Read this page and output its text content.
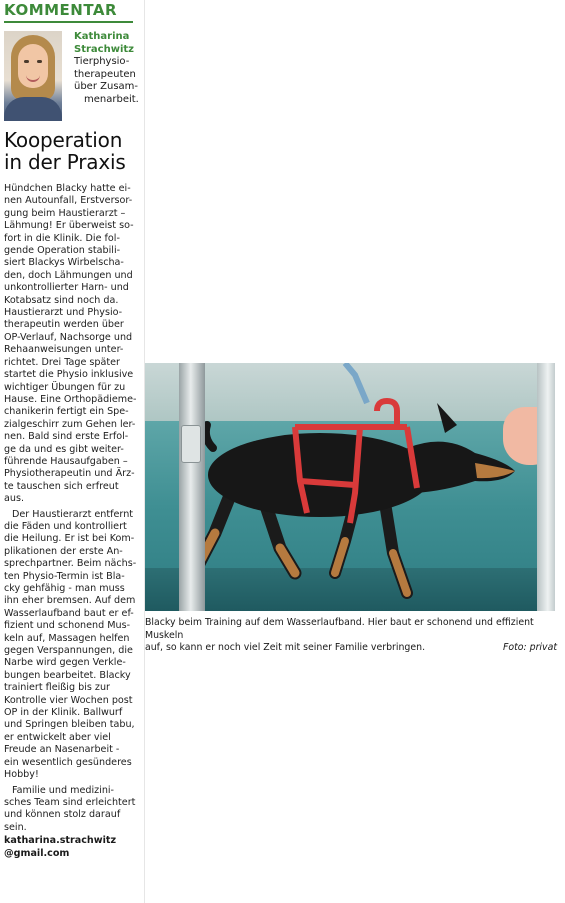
KOMMENTAR
Katharina
Strachwitz
Tierphysio-
therapeuten
über Zusam-
menarbeit.
Kooperation
in der Praxis
Hündchen Blacky hatte ei-
nen Autounfall, Erstversor-
gung beim Haustierarzt –
Lähmung! Er überweist so-
fort in die Klinik. Die fol-
gende Operation stabili-
siert Blackys Wirbelscha-
den, doch Lähmungen und
unkontrollierter Harn- und
Kotabsatz sind noch da.
Haustierarzt und Physio-
therapeutin werden über
OP-Verlauf, Nachsorge und
Rehaanweisungen unter-
richtet. Drei Tage später
startet die Physio inklusive
wichtiger Übungen für zu
Hause. Eine Orthopädieme-
chanikerin fertigt ein Spe-
zialgeschirr zum Gehen ler-
nen. Bald sind erste Erfol-
ge da und es gibt weiter-
führende Hausaufgaben –
Physiotherapeutin und Ärz-
te tauschen sich erfreut
aus.
Der Haustierarzt entfernt
die Fäden und kontrolliert
die Heilung. Er ist bei Kom-
plikationen der erste An-
sprechpartner. Beim nächs-
ten Physio-Termin ist Bla-
cky gehfähig - man muss
ihn eher bremsen. Auf dem
Wasserlaufband baut er ef-
fizient und schonend Mus-
keln auf, Massagen helfen
gegen Verspannungen, die
Narbe wird gegen Verkle-
bungen bearbeitet. Blacky
trainiert fleißig bis zur
Kontrolle vier Wochen post
OP in der Klinik. Ballwurf
und Springen bleiben tabu,
er entwickelt aber viel
Freude an Nasenarbeit -
ein wesentlich gesünderes
Hobby!
Familie und medizini-
sches Team sind erleichtert
und können stolz darauf
sein.
katharina.strachwitz
@gmail.com
Blacky beim Training auf dem Wasserlaufband. Hier baut er schonend und effizient Muskeln
auf, so kann er noch viel Zeit mit seiner Familie verbringen.	Foto: privat
